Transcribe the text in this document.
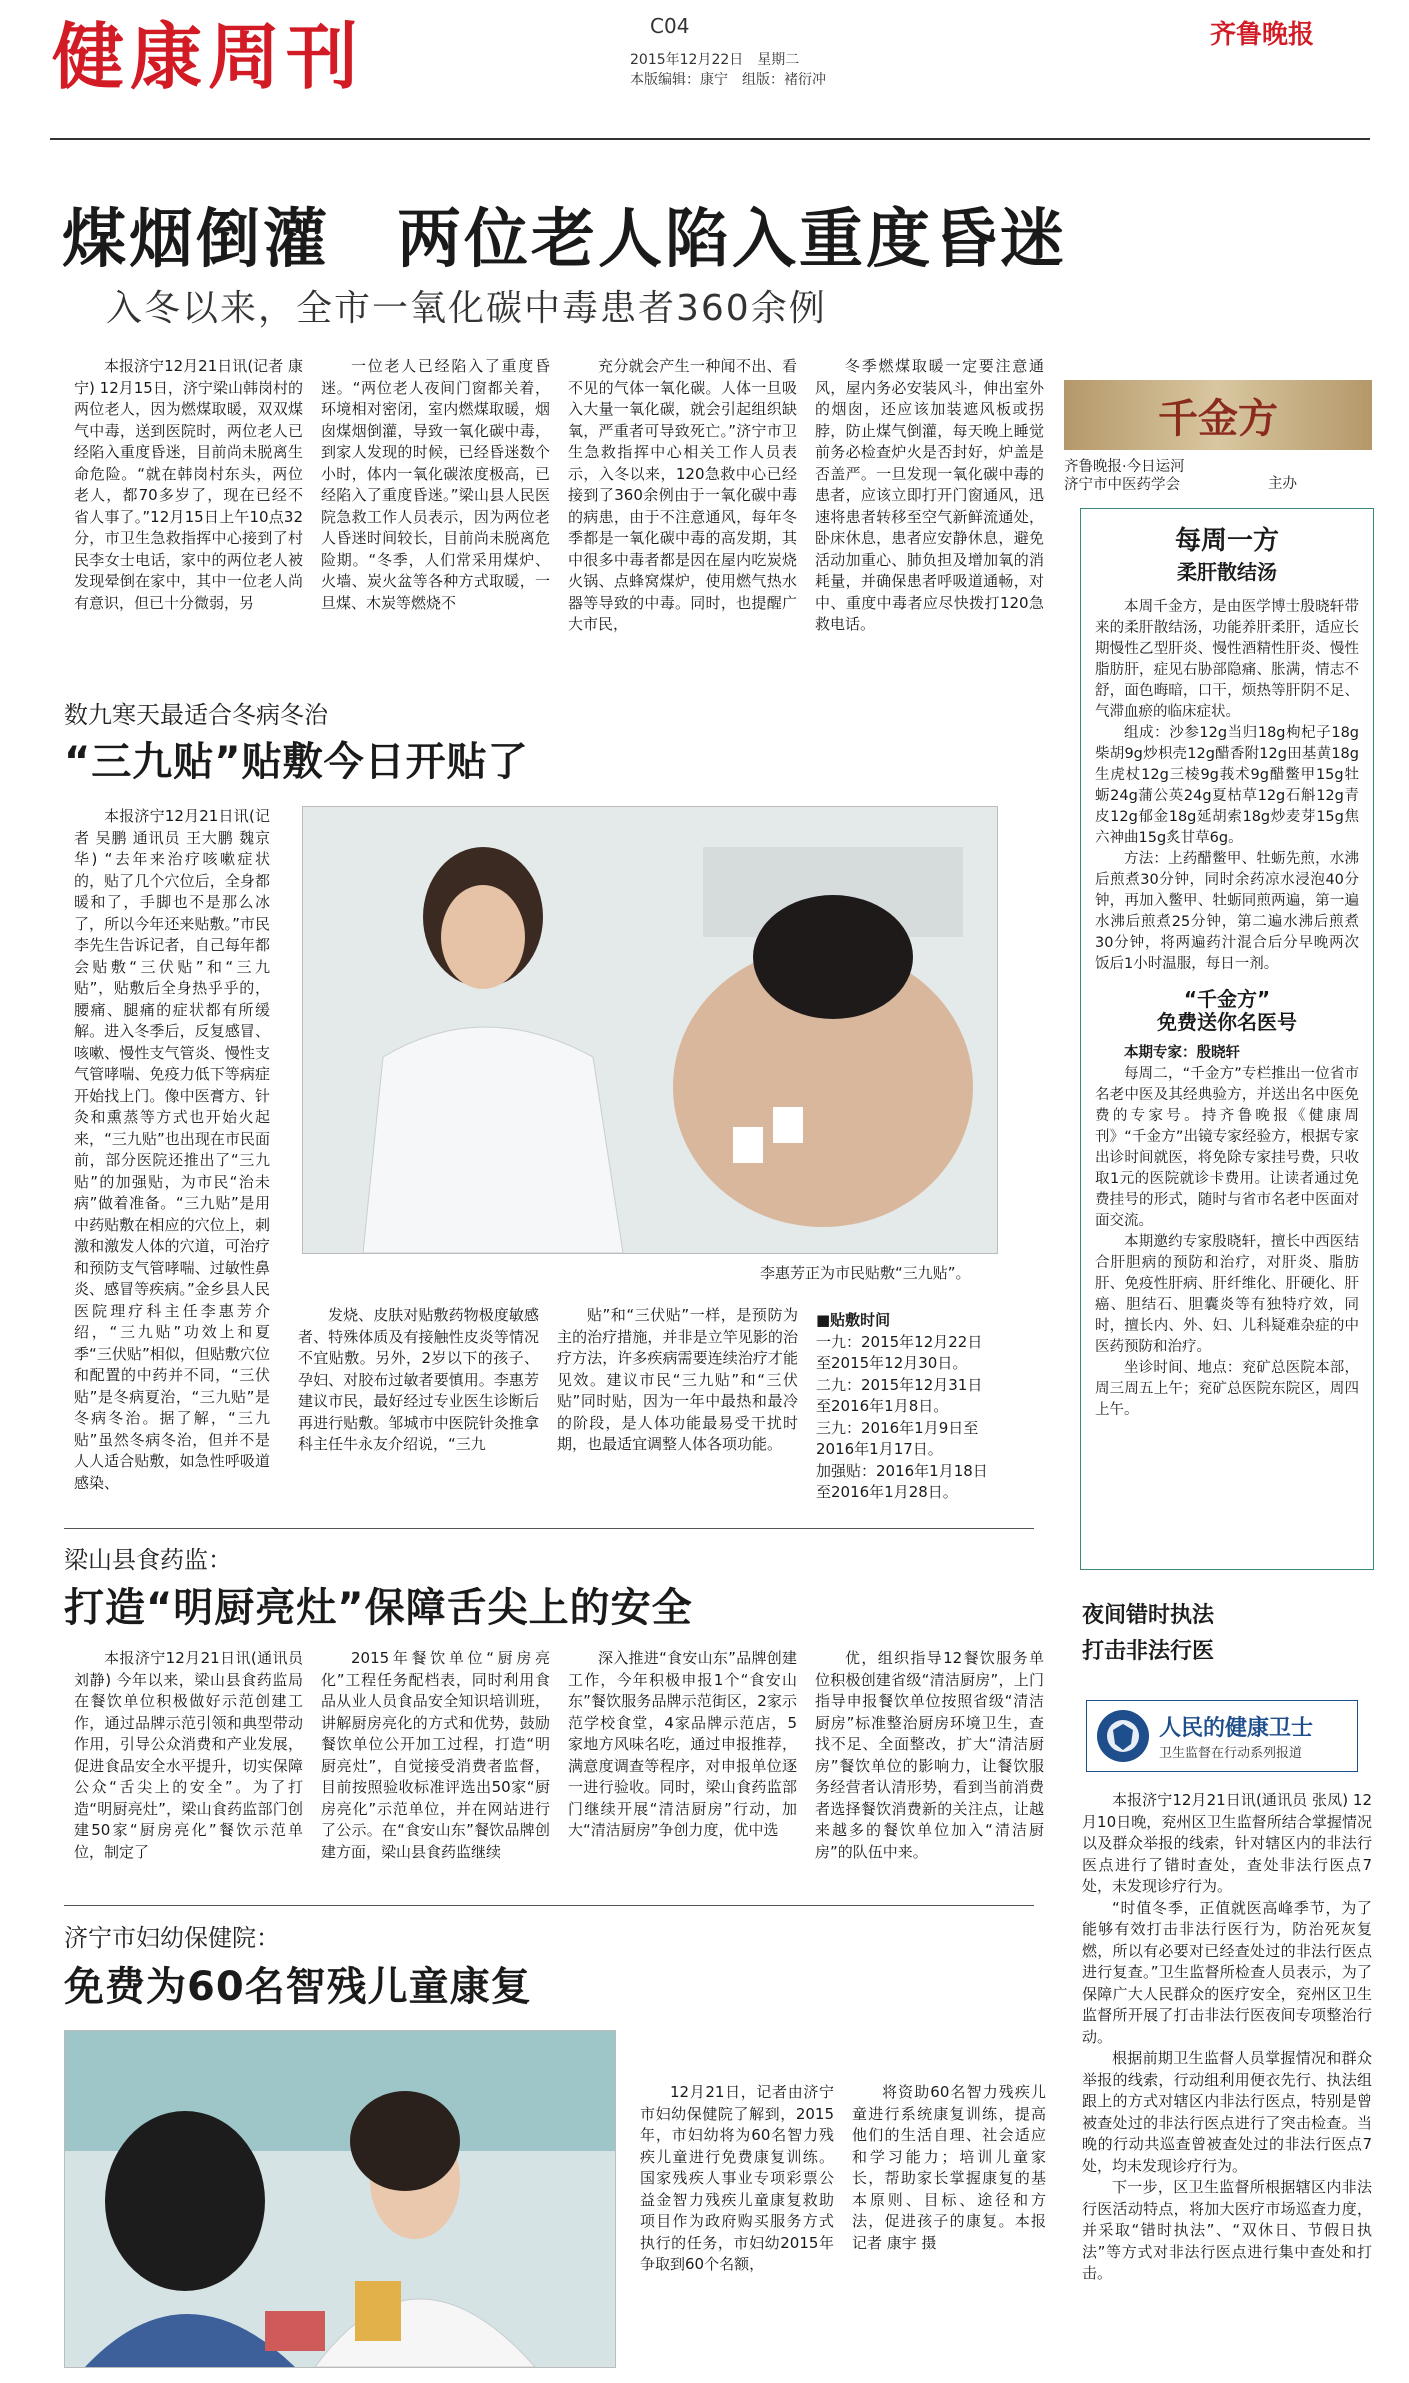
健康周刊	C04
2015年12月22日　星期二
本版编辑：康宁　组版：褚衍冲
齐鲁晚报
煤烟倒灌　两位老人陷入重度昏迷
入冬以来，全市一氧化碳中毒患者360余例

本报济宁12月21日讯(记者 康宁) 12月15日，济宁梁山韩岗村的两位老人，因为燃煤取暖，双双煤气中毒，送到医院时，两位老人已经陷入重度昏迷，目前尚未脱离生命危险。“就在韩岗村东头，两位老人，都70多岁了，现在已经不省人事了。”12月15日上午10点32分，市卫生急救指挥中心接到了村民李女士电话，家中的两位老人被发现晕倒在家中，其中一位老人尚有意识，但已十分微弱，另

一位老人已经陷入了重度昏迷。“两位老人夜间门窗都关着，环境相对密闭，室内燃煤取暖，烟囱煤烟倒灌，导致一氧化碳中毒，到家人发现的时候，已经昏迷数个小时，体内一氧化碳浓度极高，已经陷入了重度昏迷。”梁山县人民医院急救工作人员表示，因为两位老人昏迷时间较长，目前尚未脱离危险期。“冬季，人们常采用煤炉、火墙、炭火盆等各种方式取暖，一旦煤、木炭等燃烧不

充分就会产生一种闻不出、看不见的气体一氧化碳。人体一旦吸入大量一氧化碳，就会引起组织缺氧，严重者可导致死亡。”济宁市卫生急救指挥中心相关工作人员表示，入冬以来，120急救中心已经接到了360余例由于一氧化碳中毒的病患，由于不注意通风，每年冬季都是一氧化碳中毒的高发期，其中很多中毒者都是因在屋内吃炭烧火锅、点蜂窝煤炉，使用燃气热水器等导致的中毒。同时，也提醒广大市民，

冬季燃煤取暖一定要注意通风，屋内务必安装风斗，伸出室外的烟囱，还应该加装遮风板或拐脖，防止煤气倒灌，每天晚上睡觉前务必检查炉火是否封好，炉盖是否盖严。一旦发现一氧化碳中毒的患者，应该立即打开门窗通风，迅速将患者转移至空气新鲜流通处，卧床休息，患者应安静休息，避免活动加重心、肺负担及增加氧的消耗量，并确保患者呼吸道通畅，对中、重度中毒者应尽快拨打120急救电话。

数九寒天最适合冬病冬治
“三九贴”贴敷今日开贴了

本报济宁12月21日讯(记者 吴鹏 通讯员 王大鹏 魏京华) “去年来治疗咳嗽症状的，贴了几个穴位后，全身都暖和了，手脚也不是那么冰了，所以今年还来贴敷。”市民李先生告诉记者，自己每年都会贴敷“三伏贴”和“三九贴”，贴敷后全身热乎乎的，腰痛、腿痛的症状都有所缓解。进入冬季后，反复感冒、咳嗽、慢性支气管炎、慢性支气管哮喘、免疫力低下等病症开始找上门。像中医膏方、针灸和熏蒸等方式也开始火起来，“三九贴”也出现在市民面前，部分医院还推出了“三九贴”的加强贴，为市民“治未病”做着准备。“三九贴”是用中药贴敷在相应的穴位上，刺激和激发人体的穴道，可治疗和预防支气管哮喘、过敏性鼻炎、感冒等疾病。”金乡县人民医院理疗科主任李惠芳介绍，“三九贴”功效上和夏季“三伏贴”相似，但贴敷穴位和配置的中药并不同，“三伏贴”是冬病夏治，“三九贴”是冬病冬治。据了解，“三九贴”虽然冬病冬治，但并不是人人适合贴敷，如急性呼吸道感染、

李惠芳正为市民贴敷“三九贴”。

发烧、皮肤对贴敷药物极度敏感者、特殊体质及有接触性皮炎等情况不宜贴敷。另外，2岁以下的孩子、孕妇、对胶布过敏者要慎用。李惠芳建议市民，最好经过专业医生诊断后再进行贴敷。邹城市中医院针灸推拿科主任牛永友介绍说，“三九

贴”和“三伏贴”一样，是预防为主的治疗措施，并非是立竿见影的治疗方法，许多疾病需要连续治疗才能见效。建议市民“三九贴”和“三伏贴”同时贴，因为一年中最热和最冷的阶段，是人体功能最易受干扰时期，也最适宜调整人体各项功能。

■贴敷时间
一九：2015年12月22日至2015年12月30日。
二九：2015年12月31日至2016年1月8日。
三九：2016年1月9日至2016年1月17日。
加强贴：2016年1月18日至2016年1月28日。
梁山县食药监：
打造“明厨亮灶”保障舌尖上的安全

本报济宁12月21日讯(通讯员 刘静) 今年以来，梁山县食药监局在餐饮单位积极做好示范创建工作，通过品牌示范引领和典型带动作用，引导公众消费和产业发展，促进食品安全水平提升，切实保障公众“舌尖上的安全”。为了打造“明厨亮灶”，梁山食药监部门创建50家“厨房亮化”餐饮示范单位，制定了

2015年餐饮单位“厨房亮化”工程任务配档表，同时利用食品从业人员食品安全知识培训班，讲解厨房亮化的方式和优势，鼓励餐饮单位公开加工过程，打造“明厨亮灶”，自觉接受消费者监督，目前按照验收标准评选出50家“厨房亮化”示范单位，并在网站进行了公示。在“食安山东”餐饮品牌创建方面，梁山县食药监继续

深入推进“食安山东”品牌创建工作，今年积极申报1个“食安山东”餐饮服务品牌示范街区，2家示范学校食堂，4家品牌示范店，5家地方风味名吃，通过申报推荐，满意度调查等程序，对申报单位逐一进行验收。同时，梁山食药监部门继续开展“清洁厨房”行动，加大“清洁厨房”争创力度，优中选

优，组织指导12餐饮服务单位积极创建省级“清洁厨房”，上门指导申报餐饮单位按照省级“清洁厨房”标准整治厨房环境卫生，查找不足、全面整改，扩大“清洁厨房”餐饮单位的影响力，让餐饮服务经营者认清形势，看到当前消费者选择餐饮消费新的关注点，让越来越多的餐饮单位加入“清洁厨房”的队伍中来。

济宁市妇幼保健院：
免费为60名智残儿童康复

12月21日，记者由济宁市妇幼保健院了解到，2015年，市妇幼将为60名智力残疾儿童进行免费康复训练。国家残疾人事业专项彩票公益金智力残疾儿童康复救助项目作为政府购买服务方式执行的任务，市妇幼2015年争取到60个名额，

将资助60名智力残疾儿童进行系统康复训练，提高他们的生活自理、社会适应和学习能力；培训儿童家长，帮助家长掌握康复的基本原则、目标、途径和方法，促进孩子的康复。本报记者 康宇 摄

千金方
齐鲁晚报·今日运河
济宁市中医药学会	主办
每周一方
柔肝散结汤

本周千金方，是由医学博士殷晓轩带来的柔肝散结汤，功能养肝柔肝，适应长期慢性乙型肝炎、慢性酒精性肝炎、慢性脂肪肝，症见右胁部隐痛、胀满，情志不舒，面色晦暗，口干，烦热等肝阴不足、气滞血瘀的临床症状。

组成：沙参12g当归18g枸杞子18g柴胡9g炒枳壳12g醋香附12g田基黄18g生虎杖12g三棱9g莪术9g醋鳖甲15g牡蛎24g蒲公英24g夏枯草12g石斛12g青皮12g郁金18g延胡索18g炒麦芽15g焦六神曲15g炙甘草6g。

方法：上药醋鳖甲、牡蛎先煎，水沸后煎煮30分钟，同时余药凉水浸泡40分钟，再加入鳖甲、牡蛎同煎两遍，第一遍水沸后煎煮25分钟，第二遍水沸后煎煮30分钟，将两遍药汁混合后分早晚两次饭后1小时温服，每日一剂。

“千金方”
免费送你名医号

本期专家：殷晓轩

每周二，“千金方”专栏推出一位省市名老中医及其经典验方，并送出名中医免费的专家号。持齐鲁晚报《健康周刊》“千金方”出镜专家经验方，根据专家出诊时间就医，将免除专家挂号费，只收取1元的医院就诊卡费用。让读者通过免费挂号的形式，随时与省市名老中医面对面交流。

本期邀约专家殷晓轩，擅长中西医结合肝胆病的预防和治疗，对肝炎、脂肪肝、免疫性肝病、肝纤维化、肝硬化、肝癌、胆结石、胆囊炎等有独特疗效，同时，擅长内、外、妇、儿科疑难杂症的中医药预防和治疗。

坐诊时间、地点：兖矿总医院本部，周三周五上午；兖矿总医院东院区，周四上午。

夜间错时执法
打击非法行医
人民的健康卫士
卫生监督在行动系列报道

本报济宁12月21日讯(通讯员 张凤) 12月10日晚，兖州区卫生监督所结合掌握情况以及群众举报的线索，针对辖区内的非法行医点进行了错时查处，查处非法行医点7处，未发现诊疗行为。

“时值冬季，正值就医高峰季节，为了能够有效打击非法行医行为，防治死灰复燃，所以有必要对已经查处过的非法行医点进行复查。”卫生监督所检查人员表示，为了保障广大人民群众的医疗安全，兖州区卫生监督所开展了打击非法行医夜间专项整治行动。

根据前期卫生监督人员掌握情况和群众举报的线索，行动组利用便衣先行、执法组跟上的方式对辖区内非法行医点，特别是曾被查处过的非法行医点进行了突击检查。当晚的行动共巡查曾被查处过的非法行医点7处，均未发现诊疗行为。

下一步，区卫生监督所根据辖区内非法行医活动特点，将加大医疗市场巡查力度，并采取“错时执法”、“双休日、节假日执法”等方式对非法行医点进行集中查处和打击。
